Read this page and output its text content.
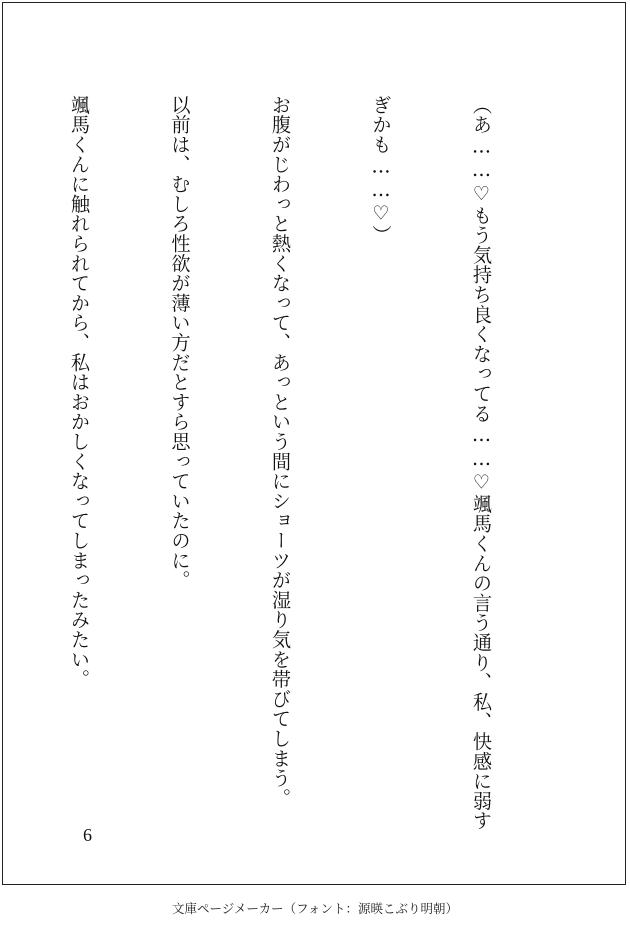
（あ……♡もう気持ち良くなってる……♡颯馬くんの言う通り、私、快感に弱す

ぎかも……♡）

お腹がじわっと熱くなって、あっという間にショーツが湿り気を帯びてしまう。

以前は、むしろ性欲が薄い方だとすら思っていたのに。

颯馬くんに触れられてから、私はおかしくなってしまったみたい。

6
文庫ページメーカー（フォント：源暎こぶり明朝）
